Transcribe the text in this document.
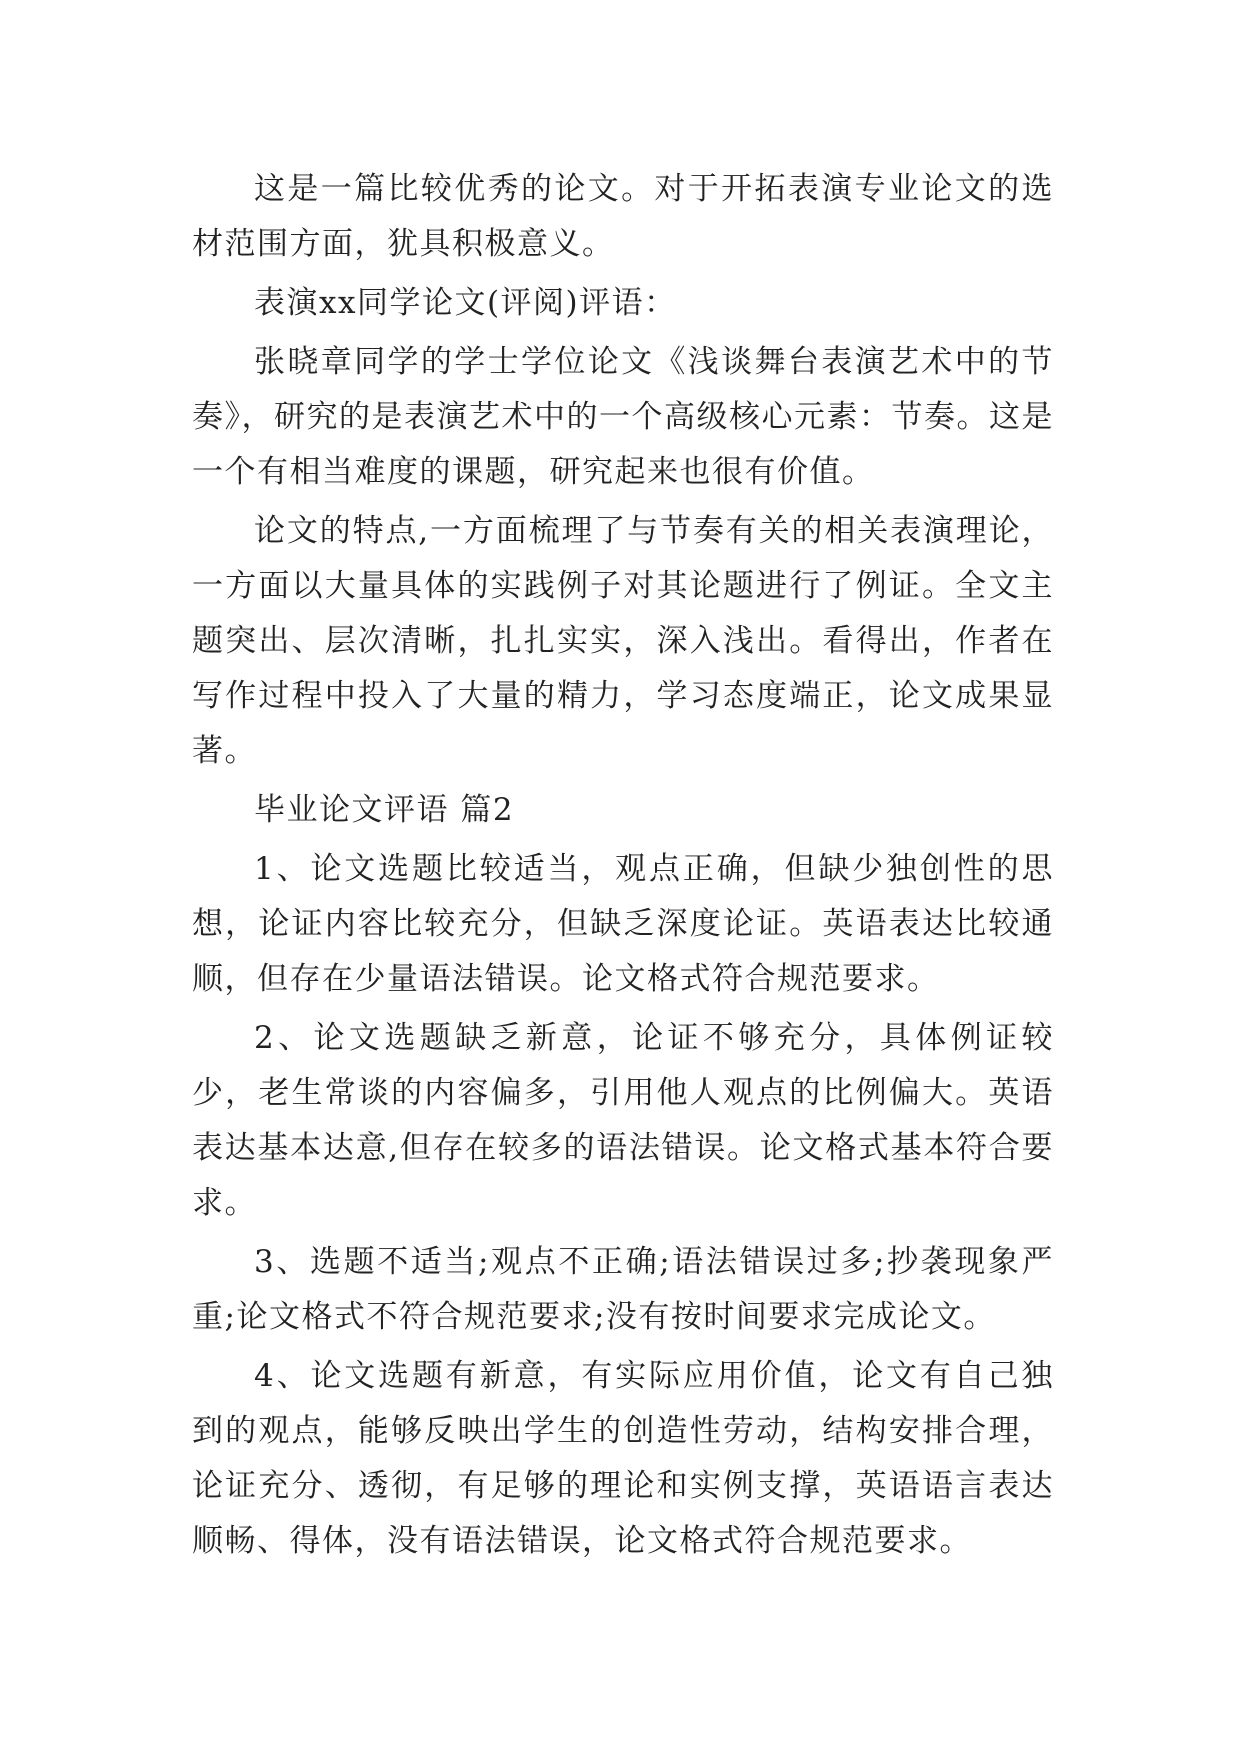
这是一篇比较优秀的论文。对于开拓表演专业论文的选材范围方面，犹具积极意义。

表演xx同学论文(评阅)评语：

张晓章同学的学士学位论文《浅谈舞台表演艺术中的节奏》，研究的是表演艺术中的一个高级核心元素：节奏。这是一个有相当难度的课题，研究起来也很有价值。

论文的特点,一方面梳理了与节奏有关的相关表演理论，一方面以大量具体的实践例子对其论题进行了例证。全文主题突出、层次清晰，扎扎实实，深入浅出。看得出，作者在写作过程中投入了大量的精力，学习态度端正，论文成果显著。

毕业论文评语 篇2

1、论文选题比较适当，观点正确，但缺少独创性的思想，论证内容比较充分，但缺乏深度论证。英语表达比较通顺，但存在少量语法错误。论文格式符合规范要求。

2、论文选题缺乏新意，论证不够充分，具体例证较少，老生常谈的内容偏多，引用他人观点的比例偏大。英语表达基本达意,但存在较多的语法错误。论文格式基本符合要求。

3、选题不适当;观点不正确;语法错误过多;抄袭现象严重;论文格式不符合规范要求;没有按时间要求完成论文。

4、论文选题有新意，有实际应用价值，论文有自己独到的观点，能够反映出学生的创造性劳动，结构安排合理，论证充分、透彻，有足够的理论和实例支撑，英语语言表达顺畅、得体，没有语法错误，论文格式符合规范要求。
